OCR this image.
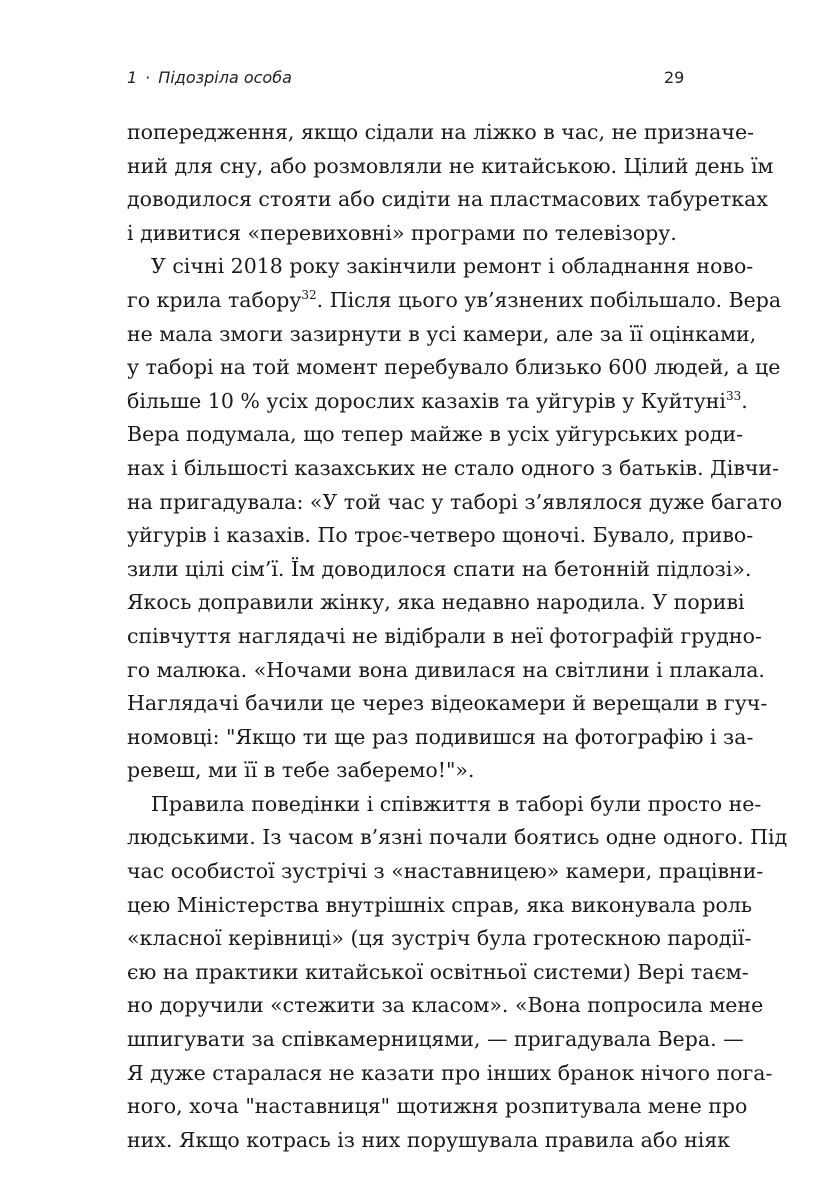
1 · Підозріла особа	29
попередження, якщо сідали на ліжко в час, не призначе-
ний для сну, або розмовляли не китайською. Цілий день їм
доводилося стояти або сидіти на пластмасових табуретках
і дивитися «перевиховні» програми по телевізору.
У січні 2018 року закінчили ремонт і обладнання ново-
го крила табору$^{32}$. Після цього ув’язнених побільшало. Вера
не мала змоги зазирнути в усі камери, але за її оцінками,
у таборі на той момент перебувало близько 600 людей, а це
більше 10 % усіх дорослих казахів та уйгурів у Куйтуні$^{33}$.
Вера подумала, що тепер майже в усіх уйгурських роди-
нах і більшості казахських не стало одного з батьків. Дівчи-
на пригадувала: «У той час у таборі з’являлося дуже багато
уйгурів і казахів. По троє-четверо щоночі. Бувало, приво-
зили цілі сім’ї. Їм доводилося спати на бетонній підлозі».
Якось доправили жінку, яка недавно народила. У пориві
співчуття наглядачі не відібрали в неї фотографій грудно-
го малюка. «Ночами вона дивилася на світлини і плакала.
Наглядачі бачили це через відеокамери й верещали в гуч-
номовці: "Якщо ти ще раз подивишся на фотографію і за-
ревеш, ми її в тебе заберемо!"».
Правила поведінки і співжиття в таборі були просто не-
людськими. Із часом в’язні почали боятись одне одного. Під
час особистої зустрічі з «наставницею» камери, працівни-
цею Міністерства внутрішніх справ, яка виконувала роль
«класної керівниці» (ця зустріч була гротескною пародії-
єю на практики китайської освітньої системи) Вері таєм-
но доручили «стежити за класом». «Вона попросила мене
шпигувати за співкамерницями, — пригадувала Вера. —
Я дуже старалася не казати про інших бранок нічого пога-
ного, хоча "наставниця" щотижня розпитувала мене про
них. Якщо котрась із них порушувала правила або ніяк
